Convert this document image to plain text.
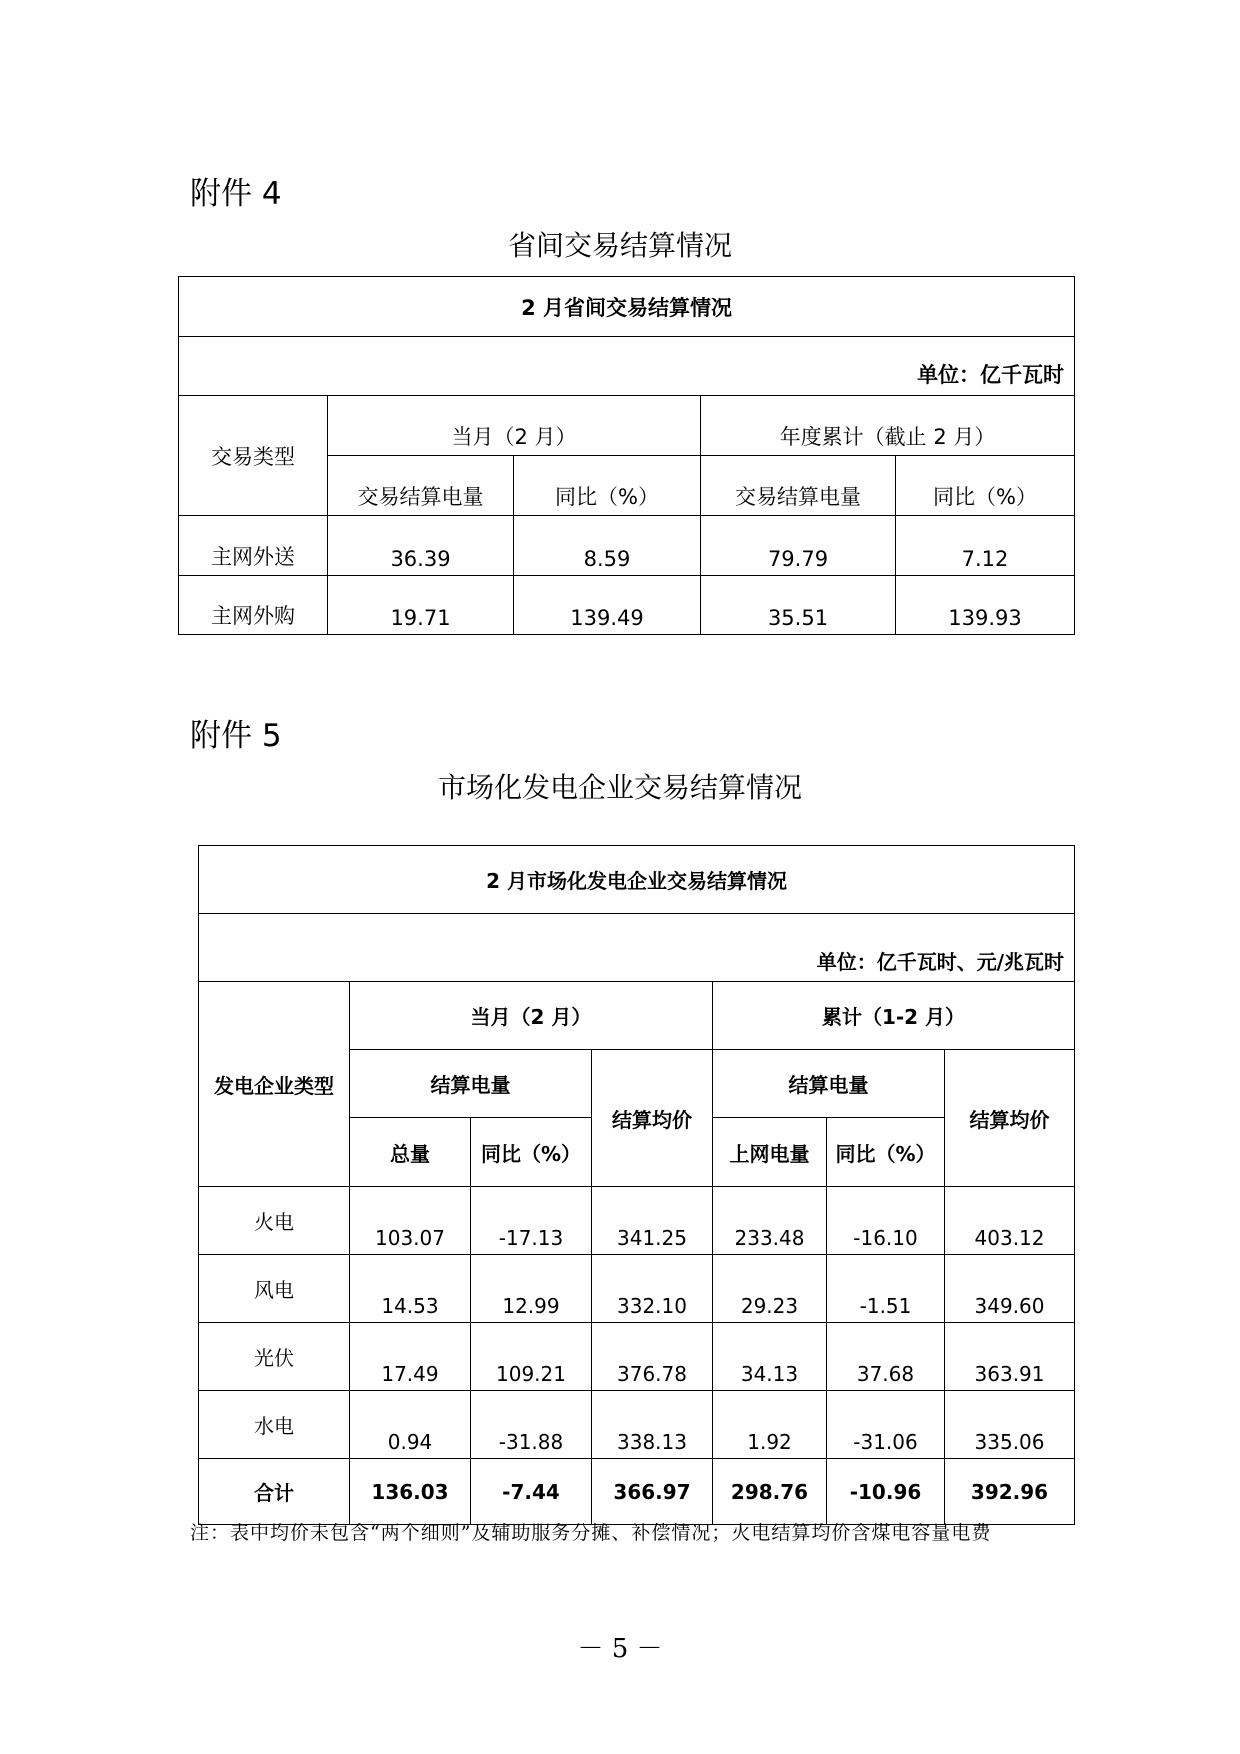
附件 4
省间交易结算情况
2 月省间交易结算情况				
单位：亿千瓦时				
交易类型	当月（2 月）		年度累计（截止 2 月）	
	交易结算电量	同比（%）	交易结算电量	同比（%）
主网外送	36.39	8.59	79.79	7.12
主网外购	19.71	139.49	35.51	139.93
附件 5
市场化发电企业交易结算情况
2 月市场化发电企业交易结算情况						
单位：亿千瓦时、元/兆瓦时						
发电企业类型	当月（2 月）			累计（1-2 月）		
	结算电量		结算均价	结算电量		结算均价
	总量	同比（%）		上网电量	同比（%）	
火电	103.07	-17.13	341.25	233.48	-16.10	403.12
风电	14.53	12.99	332.10	29.23	-1.51	349.60
光伏	17.49	109.21	376.78	34.13	37.68	363.91
水电	0.94	-31.88	338.13	1.92	-31.06	335.06
合计	136.03	-7.44	366.97	298.76	-10.96	392.96
注：表中均价未包含“两个细则”及辅助服务分摊、补偿情况；火电结算均价含煤电容量电费
－ 5 －
